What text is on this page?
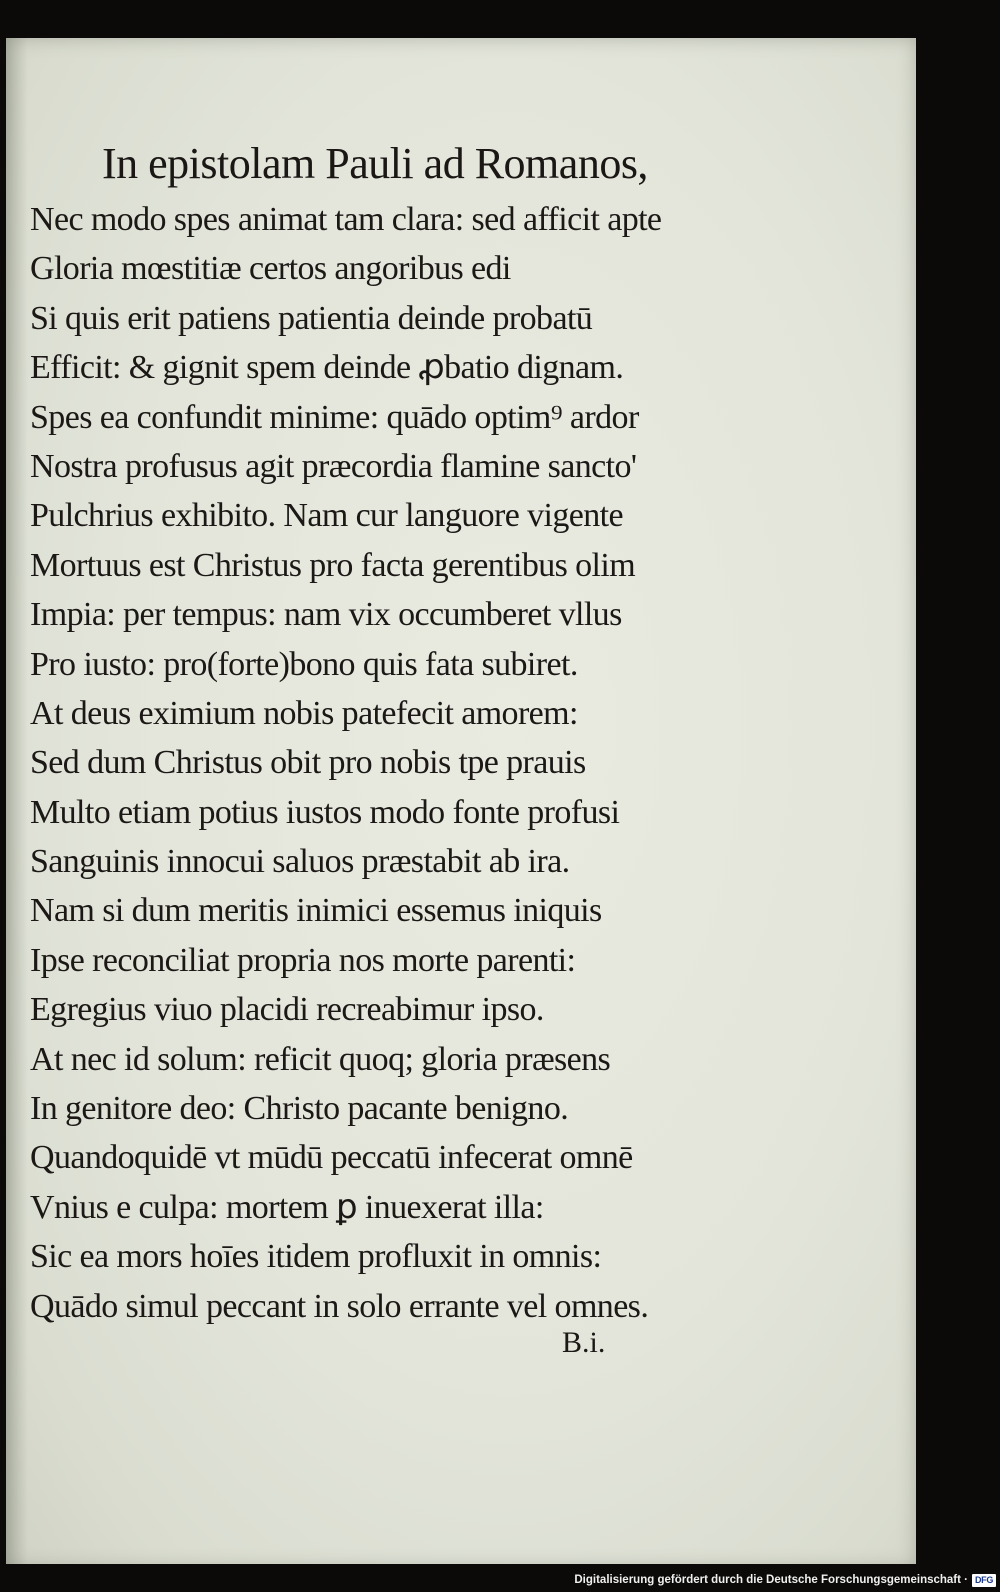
In epistolam Pauli ad Romanos,
Nec modo spes animat tam clara: sed afficit apte
Gloria mœstitiæ certos angoribus edi
Si quis erit patiens patientia deinde probatū
Efficit: & gignit spem deinde ꝓbatio dignam.
Spes ea confundit minime: quādo optim⁹ ardor
Nostra profusus agit præcordia flamine sancto'
Pulchrius exhibito. Nam cur languore vigente
Mortuus est Christus pro facta gerentibus olim
Impia: per tempus: nam vix occumberet vllus
Pro iusto: pro(forte)bono quis fata subiret.
At deus eximium nobis patefecit amorem:
Sed dum Christus obit pro nobis tpe prauis
Multo etiam potius iustos modo fonte profusi
Sanguinis innocui saluos præstabit ab ira.
Nam si dum meritis inimici essemus iniquis
Ipse reconciliat propria nos morte parenti:
Egregius viuo placidi recreabimur ipso.
At nec id solum: reficit quoq; gloria præsens
In genitore deo: Christo pacante benigno.
Quandoquidē vt mūdū peccatū infecerat omnē
Vnius e culpa: mortem ꝑ inuexerat illa:
Sic ea mors hoīes itidem profluxit in omnis:
Quādo simul peccant in solo errante vel omnes.
B.i.
Digitalisierung gefördert durch die Deutsche Forschungsgemeinschaft · DFG
